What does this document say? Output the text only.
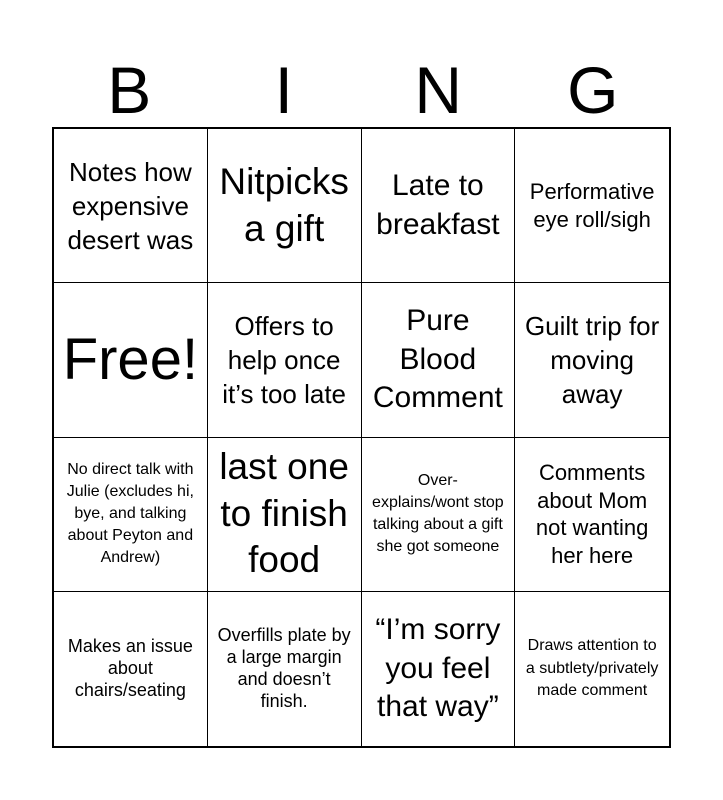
B	I	N	G
Notes how expensive desert was
Nitpicks a gift
Late to breakfast
Performative eye roll/sigh
Free!
Offers to help once it’s too late
Pure Blood Comment
Guilt trip for moving away
No direct talk with Julie (excludes hi, bye, and talking about Peyton and Andrew)
last one to finish food
Over-explains/wont stop talking about a gift she got someone
Comments about Mom not wanting her here
Makes an issue about chairs/seating
Overfills plate by a large margin and doesn’t finish.
“I’m sorry you feel that way”
Draws attention to a subtlety/privately made comment
